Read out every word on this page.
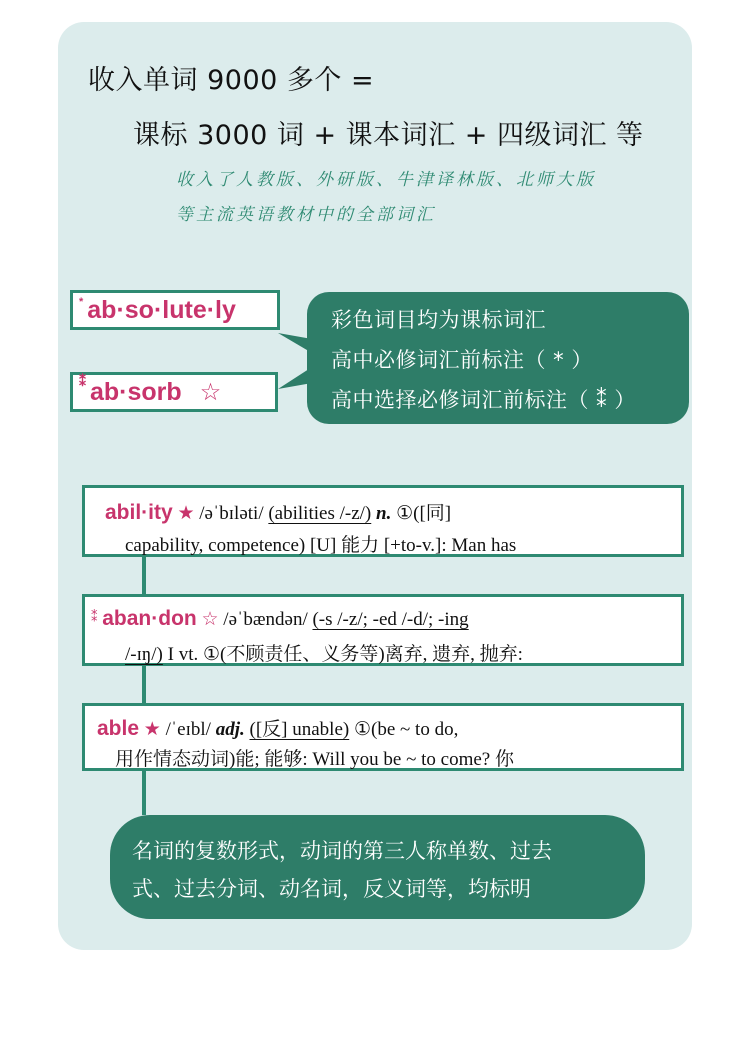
收入单词 9000 多个 =
课标 3000 词 + 课本词汇 + 四级词汇 等
收入了人教版、外研版、牛津译林版、北师大版
等主流英语教材中的全部词汇
* ab·so·lute·ly
⁑ ab·sorb ☆
彩色词目均为课标词汇
高中必修词汇前标注（ * ）
高中选择必修词汇前标注（ ⁑ ）
abil·ity ★ /əˈbɪləti/ (abilities /-z/) n. ①([同]
capability, competence) [U] 能力 [+to-v.]: Man has
⁑ aban·don ☆ /əˈbændən/ (-s /-z/; -ed /-d/; -ing
/-ɪŋ/) I vt. ①(不顾责任、义务等)离弃, 遗弃, 抛弃:
able ★ /ˈeɪbl/ adj. ([反] unable) ①(be ~ to do,
用作情态动词)能; 能够: Will you be ~ to come? 你
名词的复数形式，动词的第三人称单数、过去
式、过去分词、动名词，反义词等，均标明
